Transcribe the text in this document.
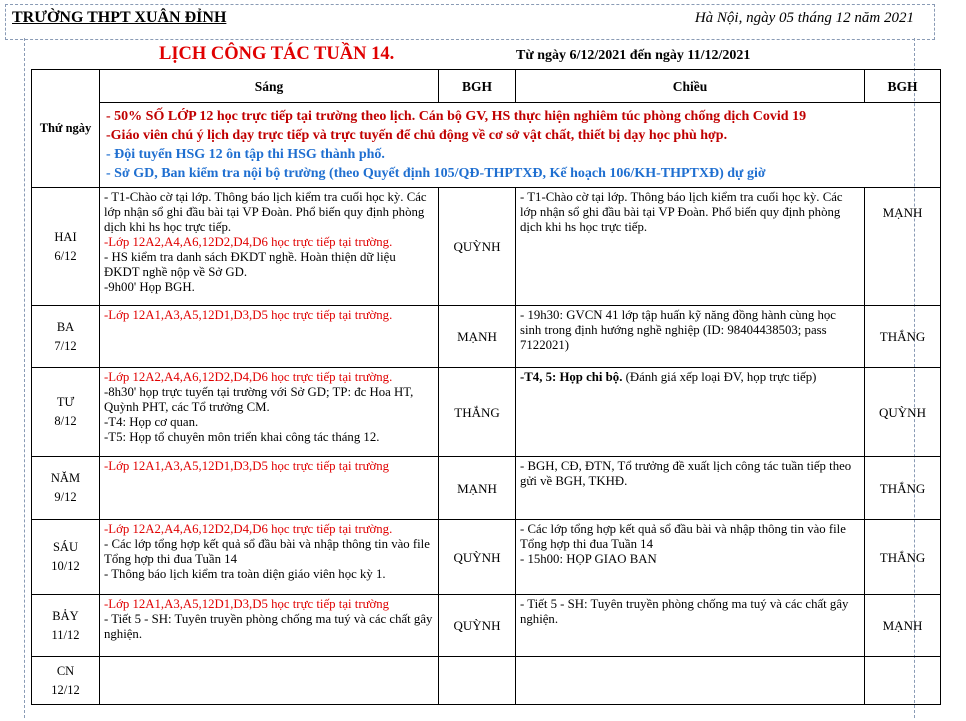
TRƯỜNG THPT XUÂN ĐỈNH	Hà Nội, ngày 05 tháng 12 năm 2021
LỊCH CÔNG TÁC TUẦN 14.	Từ ngày 6/12/2021 đến ngày 11/12/2021
Thứ ngày	Sáng	BGH	Chiều	BGH

	- 50% SỐ LỚP 12 học trực tiếp tại trường theo lịch. Cán bộ GV, HS thực hiện nghiêm túc phòng chống dịch Covid 19
-Giáo viên chú ý lịch dạy trực tiếp và trực tuyến để chủ động về cơ sở vật chất, thiết bị dạy học phù hợp.
- Đội tuyển HSG 12 ôn tập thi HSG thành phố.
- Sở GD, Ban kiểm tra nội bộ trường (theo Quyết định 105/QĐ-THPTXĐ, Kế hoạch 106/KH-THPTXĐ) dự giờ			

HAI
6/12	- T1-Chào cờ tại lớp. Thông báo lịch kiểm tra cuối học kỳ. Các lớp nhận sổ ghi đầu bài tại VP Đoàn. Phổ biến quy định phòng dịch khi hs học trực tiếp.
-Lớp 12A2,A4,A6,12D2,D4,D6 học trực tiếp tại trường.
- HS kiểm tra danh sách ĐKDT nghề. Hoàn thiện dữ liệu ĐKDT nghề nộp về Sở GD.
-9h00' Họp BGH.	QUỲNH	- T1-Chào cờ tại lớp. Thông báo lịch kiểm tra cuối học kỳ. Các lớp nhận sổ ghi đầu bài tại VP Đoàn. Phổ biến quy định phòng dịch khi hs học trực tiếp.	MẠNH

BA
7/12	-Lớp 12A1,A3,A5,12D1,D3,D5 học trực tiếp tại trường.	MẠNH	- 19h30: GVCN 41 lớp tập huấn kỹ năng đồng hành cùng học sinh trong định hướng nghề nghiệp (ID: 98404438503; pass 7122021)	THẮNG

TƯ
8/12	-Lớp 12A2,A4,A6,12D2,D4,D6 học trực tiếp tại trường.
-8h30' họp trực tuyến tại trường với Sở GD; TP: đc Hoa HT, Quỳnh PHT, các Tổ trưởng CM.
-T4: Họp cơ quan.
-T5: Họp tổ chuyên môn triển khai công tác tháng 12.	THẮNG	-T4, 5: Họp chi bộ. (Đánh giá xếp loại ĐV, họp trực tiếp)	QUỲNH

NĂM
9/12	-Lớp 12A1,A3,A5,12D1,D3,D5 học trực tiếp tại trường	MẠNH	- BGH, CĐ, ĐTN, Tổ trưởng đề xuất lịch công tác tuần tiếp theo gửi về BGH, TKHĐ.	THẮNG

SÁU
10/12	-Lớp 12A2,A4,A6,12D2,D4,D6 học trực tiếp tại trường.
- Các lớp tổng hợp kết quả sổ đầu bài và nhập thông tin vào file Tổng hợp thi đua Tuần 14
- Thông báo lịch kiểm tra toàn diện giáo viên học kỳ 1.	QUỲNH	- Các lớp tổng hợp kết quả sổ đầu bài và nhập thông tin vào file Tổng hợp thi đua Tuần 14
- 15h00: HỌP GIAO BAN	THẮNG

BẢY
11/12	-Lớp 12A1,A3,A5,12D1,D3,D5 học trực tiếp tại trường
- Tiết 5 - SH: Tuyên truyền phòng chống ma tuý và các chất gây nghiện.	QUỲNH	- Tiết 5 - SH: Tuyên truyền phòng chống ma tuý và các chất gây nghiện.	MẠNH

CN
12/12				
